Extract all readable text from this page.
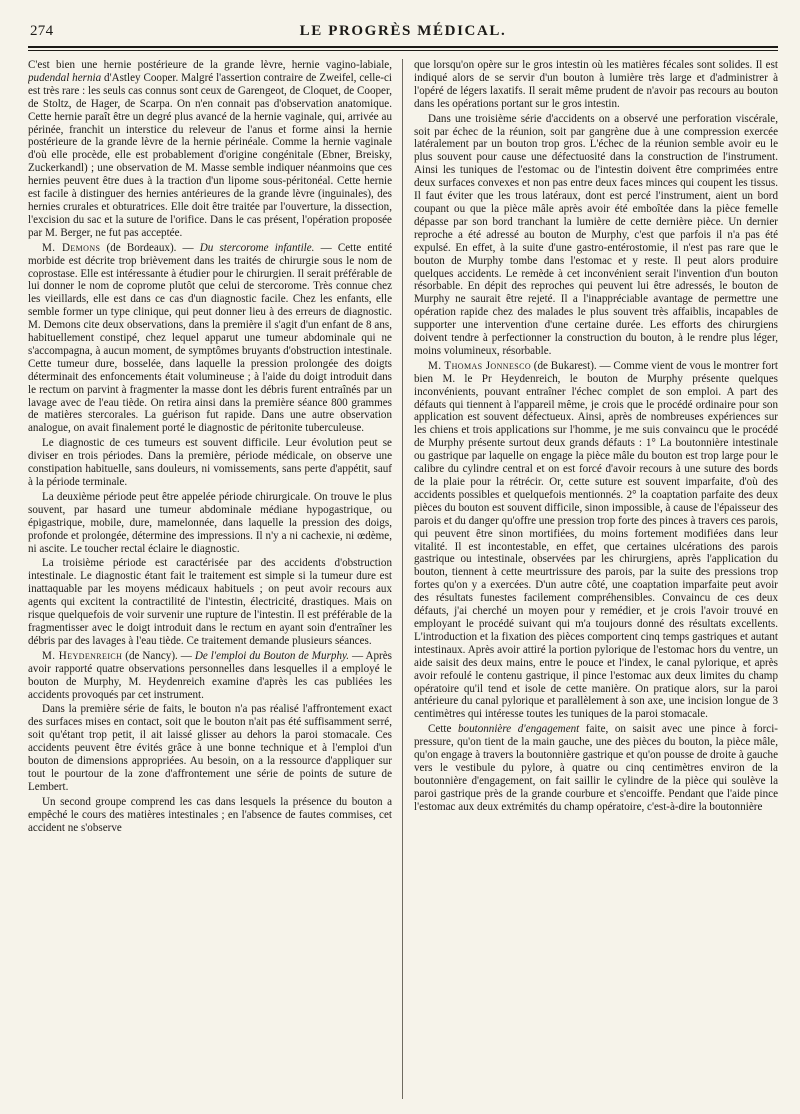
274	LE PROGRÈS MÉDICAL.

C'est bien une hernie postérieure de la grande lèvre, hernie vagino-labiale, pudendal hernia d'Astley Cooper. Malgré l'assertion contraire de Zweifel, celle-ci est très rare : les seuls cas connus sont ceux de Garengeot, de Cloquet, de Cooper, de Stoltz, de Hager, de Scarpa. On n'en connait pas d'observation anatomique. Cette hernie paraît être un degré plus avancé de la hernie vaginale, qui, arrivée au périnée, franchit un interstice du releveur de l'anus et forme ainsi la hernie postérieure de la grande lèvre de la hernie périnéale. Comme la hernie vaginale d'où elle procède, elle est probablement d'origine congénitale (Ebner, Breisky, Zuckerkandl) ; une observation de M. Masse semble indiquer néanmoins que ces hernies peuvent être dues à la traction d'un lipome sous-péritonéal. Cette hernie est facile à distinguer des hernies antérieures de la grande lèvre (inguinales), des hernies crurales et obturatrices. Elle doit être traitée par l'ouverture, la dissection, l'excision du sac et la suture de l'orifice. Dans le cas présent, l'opération proposée par M. Berger, ne fut pas acceptée.

M. Demons (de Bordeaux). — Du stercorome infantile. — Cette entité morbide est décrite trop brièvement dans les traités de chirurgie sous le nom de coprostase. Elle est intéressante à étudier pour le chirurgien. Il serait préférable de lui donner le nom de coprome plutôt que celui de stercorome. Très connue chez les vieillards, elle est dans ce cas d'un diagnostic facile. Chez les enfants, elle semble former un type clinique, qui peut donner lieu à des erreurs de diagnostic. M. Demons cite deux observations, dans la première il s'agit d'un enfant de 8 ans, habituellement constipé, chez lequel apparut une tumeur abdominale qui ne s'accompagna, à aucun moment, de symptômes bruyants d'obstruction intestinale. Cette tumeur dure, bosselée, dans laquelle la pression prolongée des doigts déterminait des enfoncements était volumineuse ; à l'aide du doigt introduit dans le rectum on parvint à fragmenter la masse dont les débris furent entraînés par un lavage avec de l'eau tiède. On retira ainsi dans la première séance 800 grammes de matières stercorales. La guérison fut rapide. Dans une autre observation analogue, on avait finalement porté le diagnostic de péritonite tuberculeuse.

Le diagnostic de ces tumeurs est souvent difficile. Leur évolution peut se diviser en trois périodes. Dans la première, période médicale, on observe une constipation habituelle, sans douleurs, ni vomissements, sans perte d'appétit, sauf à la période terminale.

La deuxième période peut être appelée période chirurgicale. On trouve le plus souvent, par hasard une tumeur abdominale médiane hypogastrique, ou épigastrique, mobile, dure, mamelonnée, dans laquelle la pression des doigs, profonde et prolongée, détermine des impressions. Il n'y a ni cachexie, ni œdème, ni ascite. Le toucher rectal éclaire le diagnostic.

La troisième période est caractérisée par des accidents d'obstruction intestinale. Le diagnostic étant fait le traitement est simple si la tumeur dure est inattaquable par les moyens médicaux habituels ; on peut avoir recours aux agents qui excitent la contractilité de l'intestin, électricité, drastiques. Mais on risque quelquefois de voir survenir une rupture de l'intestin. Il est préférable de la fragmentisser avec le doigt introduit dans le rectum en ayant soin d'entraîner les débris par des lavages à l'eau tiède. Ce traitement demande plusieurs séances.

M. Heydenreich (de Nancy). — De l'emploi du Bouton de Murphy. — Après avoir rapporté quatre observations personnelles dans lesquelles il a employé le bouton de Murphy, M. Heydenreich examine d'après les cas publiées les accidents provoqués par cet instrument.

Dans la première série de faits, le bouton n'a pas réalisé l'affrontement exact des surfaces mises en contact, soit que le bouton n'ait pas été suffisamment serré, soit qu'étant trop petit, il ait laissé glisser au dehors la paroi stomacale. Ces accidents peuvent être évités grâce à une bonne technique et à l'emploi d'un bouton de dimensions appropriées. Au besoin, on a la ressource d'appliquer sur tout le pourtour de la zone d'affrontement une série de points de suture de Lembert.

Un second groupe comprend les cas dans lesquels la présence du bouton a empêché le cours des matières intestinales ; en l'absence de fautes commises, cet accident ne s'observe

que lorsqu'on opère sur le gros intestin où les matières fécales sont solides. Il est indiqué alors de se servir d'un bouton à lumière très large et d'administrer à l'opéré de légers laxatifs. Il serait même prudent de n'avoir pas recours au bouton dans les opérations portant sur le gros intestin.

Dans une troisième série d'accidents on a observé une perforation viscérale, soit par échec de la réunion, soit par gangrène due à une compression exercée latéralement par un bouton trop gros. L'échec de la réunion semble avoir eu le plus souvent pour cause une défectuosité dans la construction de l'instrument. Ainsi les tuniques de l'estomac ou de l'intestin doivent être comprimées entre deux surfaces convexes et non pas entre deux faces minces qui coupent les tissus. Il faut éviter que les trous latéraux, dont est percé l'instrument, aient un bord coupant ou que la pièce mâle après avoir été emboîtée dans la pièce femelle dépasse par son bord tranchant la lumière de cette dernière pièce. Un dernier reproche a été adressé au bouton de Murphy, c'est que parfois il n'a pas été expulsé. En effet, à la suite d'une gastro-entérostomie, il n'est pas rare que le bouton de Murphy tombe dans l'estomac et y reste. Il peut alors produire quelques accidents. Le remède à cet inconvénient serait l'invention d'un bouton résorbable. En dépit des reproches qui peuvent lui être adressés, le bouton de Murphy ne saurait être rejeté. Il a l'inappréciable avantage de permettre une opération rapide chez des malades le plus souvent très affaiblis, incapables de supporter une intervention d'une certaine durée. Les efforts des chirurgiens doivent tendre à perfectionner la construction du bouton, à le rendre plus léger, moins volumineux, résorbable.

M. Thomas Jonnesco (de Bukarest). — Comme vient de vous le montrer fort bien M. le Pr Heydenreich, le bouton de Murphy présente quelques inconvénients, pouvant entraîner l'échec complet de son emploi. A part des défauts qui tiennent à l'appareil même, je crois que le procédé ordinaire pour son application est souvent défectueux. Ainsi, après de nombreuses expériences sur les chiens et trois applications sur l'homme, je me suis convaincu que le procédé de Murphy présente surtout deux grands défauts : 1° La boutonnière intestinale ou gastrique par laquelle on engage la pièce mâle du bouton est trop large pour le calibre du cylindre central et on est forcé d'avoir recours à une suture des bords de la plaie pour la rétrécir. Or, cette suture est souvent imparfaite, d'où des accidents possibles et quelquefois mentionnés. 2° la coaptation parfaite des deux pièces du bouton est souvent difficile, sinon impossible, à cause de l'épaisseur des parois et du danger qu'offre une pression trop forte des pinces à travers ces parois, qui peuvent être sinon mortifiées, du moins fortement modifiées dans leur vitalité. Il est incontestable, en effet, que certaines ulcérations des parois gastrique ou intestinale, observées par les chirurgiens, après l'application du bouton, tiennent à cette meurtrissure des parois, par la suite des pressions trop fortes qu'on y a exercées. D'un autre côté, une coaptation imparfaite peut avoir des résultats funestes facilement compréhensibles. Convaincu de ces deux défauts, j'ai cherché un moyen pour y remédier, et je crois l'avoir trouvé en employant le procédé suivant qui m'a toujours donné des résultats excellents. L'introduction et la fixation des pièces comportent cinq temps gastriques et autant intestinaux. Après avoir attiré la portion pylorique de l'estomac hors du ventre, un aide saisit des deux mains, entre le pouce et l'index, le canal pylorique, et après avoir refoulé le contenu gastrique, il pince l'estomac aux deux limites du champ opératoire qu'il tend et isole de cette manière. On pratique alors, sur la paroi antérieure du canal pylorique et parallèlement à son axe, une incision longue de 3 centimètres qui intéresse toutes les tuniques de la paroi stomacale.

Cette boutonnière d'engagement faite, on saisit avec une pince à forci-pressure, qu'on tient de la main gauche, une des pièces du bouton, la pièce mâle, qu'on engage à travers la boutonnière gastrique et qu'on pousse de droite à gauche vers le vestibule du pylore, à quatre ou cinq centimètres environ de la boutonnière d'engagement, on fait saillir le cylindre de la pièce qui soulève la paroi gastrique près de la grande courbure et s'encoiffe. Pendant que l'aide pince l'estomac aux deux extrémités du champ opératoire, c'est-à-dire la boutonnière
